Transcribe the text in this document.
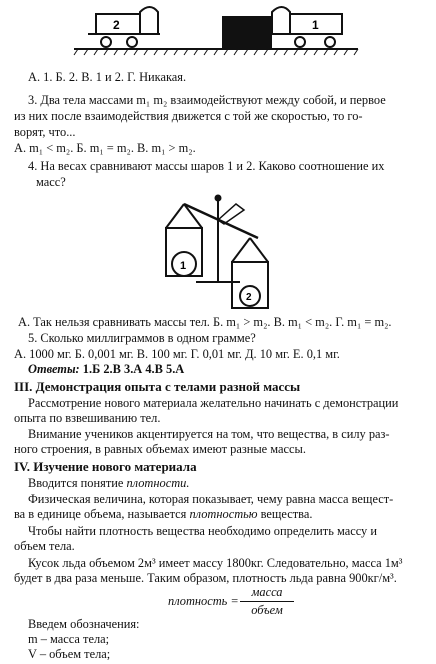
2	1
А. 1. Б. 2. В. 1 и 2. Г. Никакая.
3. Два тела массами m₁ m₂ взаимодействуют между собой, и первое
из них после взаимодействия движется с той же скоростью, то го-
ворят, что...
А. m₁ < m₂. Б. m₁ = m₂. В. m₁ > m₂.
4. На весах сравнивают массы шаров 1 и 2. Каково соотношение их
масс?
1
2
А. Так нельзя сравнивать массы тел. Б. m₁ > m₂. В. m₁ < m₂. Г. m₁ = m₂.
5. Сколько миллиграммов в одном грамме?
А. 1000 мг. Б. 0,001 мг. В. 100 мг. Г. 0,01 мг. Д. 10 мг. Е. 0,1 мг.
Ответы: 1.Б 2.В 3.А 4.В 5.А
III. Демонстрация опыта с телами разной массы
Рассмотрение нового материала желательно начинать с демонстрации
опыта по взвешиванию тел.
Внимание учеников акцентируется на том, что вещества, в силу раз-
ного строения, в равных объемах имеют разные массы.
IV. Изучение нового материала
Вводится понятие плотности.
Физическая величина, которая показывает, чему равна масса вещест-
ва в единице объема, называется плотностью вещества.
Чтобы найти плотность вещества необходимо определить массу и
объем тела.
Кусок льда объемом 2м³ имеет массу 1800кг. Следовательно, масса 1м³
будет в два раза меньше. Таким образом, плотность льда равна 900кг/м³.
плотность =
масса
объем
Введем обозначения:
m – масса тела;
V – объем тела;
